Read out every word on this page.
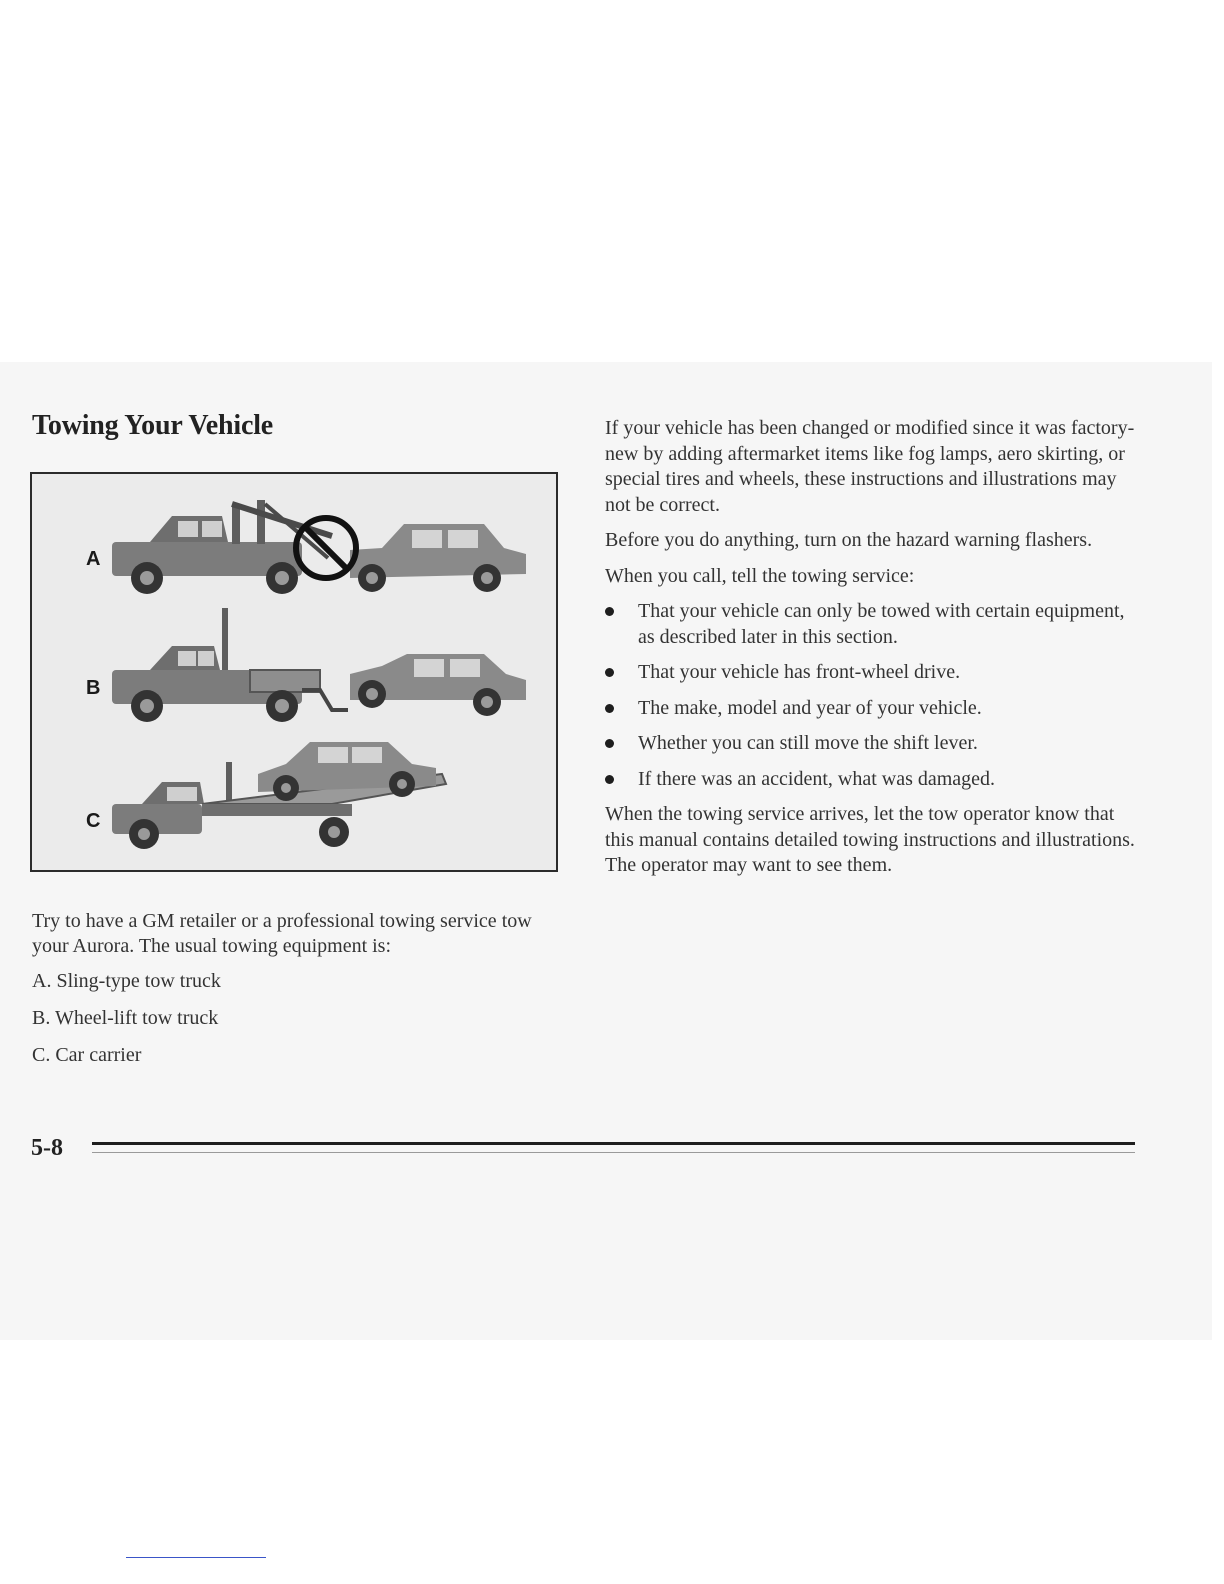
Towing Your Vehicle
A
B
C

Try to have a GM retailer or a professional towing service tow your Aurora. The usual towing equipment is:

A. Sling-type tow truck
B. Wheel-lift tow truck
C. Car carrier

If your vehicle has been changed or modified since it was factory-new by adding aftermarket items like fog lamps, aero skirting, or special tires and wheels, these instructions and illustrations may not be correct.

Before you do anything, turn on the hazard warning flashers.

When you call, tell the towing service:

That your vehicle can only be towed with certain equipment, as described later in this section.
That your vehicle has front-wheel drive.
The make, model and year of your vehicle.
Whether you can still move the shift lever.
If there was an accident, what was damaged.

When the towing service arrives, let the tow operator know that this manual contains detailed towing instructions and illustrations. The operator may want to see them.

5-8
